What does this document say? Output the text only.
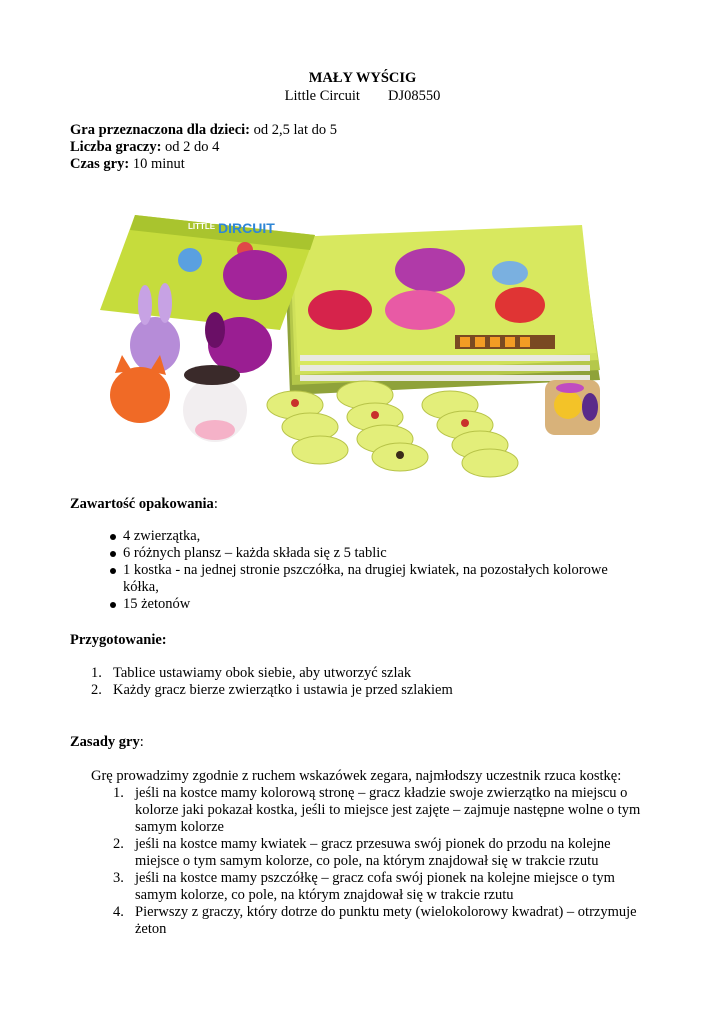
MAŁY WYŚCIG
Little Circuit DJ08550
Gra przeznaczona dla dzieci: od 2,5 lat do 5
Liczba graczy: od 2 do 4
Czas gry: 10 minut
LITTLE DIRCUIT
Zawartość opakowania:
4 zwierzątka,
6 różnych plansz – każda składa się z 5 tablic
1 kostka - na jednej stronie pszczółka, na drugiej kwiatek, na pozostałych kolorowe
kółka,
15 żetonów
Przygotowanie:
1. Tablice ustawiamy obok siebie, aby utworzyć szlak
2. Każdy gracz bierze zwierzątko i ustawia je przed szlakiem
Zasady gry:
Grę prowadzimy zgodnie z ruchem wskazówek zegara, najmłodszy uczestnik rzuca kostkę:
1. jeśli na kostce mamy kolorową stronę – gracz kładzie swoje zwierzątko na miejscu o
kolorze jaki pokazał kostka, jeśli to miejsce jest zajęte – zajmuje następne wolne o tym
samym kolorze
2. jeśli na kostce mamy kwiatek – gracz przesuwa swój pionek do przodu na kolejne
miejsce o tym samym kolorze, co pole, na którym znajdował się w trakcie rzutu
3. jeśli na kostce mamy pszczółkę – gracz cofa swój pionek na kolejne miejsce o tym
samym kolorze, co pole, na którym znajdował się w trakcie rzutu
4. Pierwszy z graczy, który dotrze do punktu mety (wielokolorowy kwadrat) – otrzymuje
żeton
